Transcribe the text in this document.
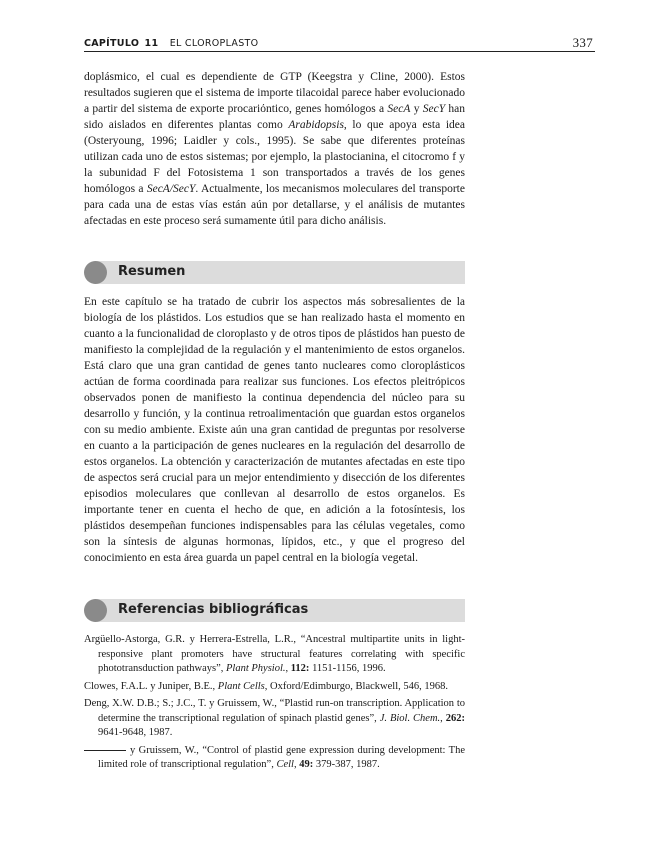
CAPÍTULO 11 EL CLOROPLASTO	337

doplásmico, el cual es dependiente de GTP (Keegstra y Cline, 2000). Estos resultados sugieren que el sistema de importe tilacoidal parece haber evolucionado a partir del sistema de exporte procariόntico, genes homólogos a SecA y SecY han sido aislados en diferentes plantas como Arabidopsis, lo que apoya esta idea (Osteryoung, 1996; Laidler y cols., 1995). Se sabe que diferentes proteínas utilizan cada uno de estos sistemas; por ejemplo, la plastocianina, el citocromo f y la subunidad F del Fotosistema 1 son transportados a través de los genes homólogos a SecA/SecY. Actualmente, los mecanismos moleculares del transporte para cada una de estas vías están aún por detallarse, y el análisis de mutantes afectadas en este proceso será sumamente útil para dicho análisis.

Resumen

En este capítulo se ha tratado de cubrir los aspectos más sobresalientes de la biología de los plástidos. Los estudios que se han realizado hasta el momento en cuanto a la funcionalidad de cloroplasto y de otros tipos de plástidos han puesto de manifiesto la complejidad de la regulación y el mantenimiento de estos organelos. Está claro que una gran cantidad de genes tanto nucleares como cloroplásticos actúan de forma coordinada para realizar sus funciones. Los efectos pleitrópicos observados ponen de manifiesto la continua dependencia del núcleo para su desarrollo y función, y la continua retroalimentación que guardan estos organelos con su medio ambiente. Existe aún una gran cantidad de preguntas por resolverse en cuanto a la participación de genes nucleares en la regulación del desarrollo de estos organelos. La obtención y caracterización de mutantes afectadas en este tipo de aspectos será crucial para un mejor entendimiento y disección de los diferentes episodios moleculares que conllevan al desarrollo de estos organelos. Es importante tener en cuenta el hecho de que, en adición a la fotosíntesis, los plástidos desempeñan funciones indispensables para las células vegetales, como son la síntesis de algunas hormonas, lípidos, etc., y que el progreso del conocimiento en esta área guarda un papel central en la biología vegetal.

Referencias bibliográficas

Argüello-Astorga, G.R. y Herrera-Estrella, L.R., “Ancestral multipartite units in light-responsive plant promoters have structural features correlating with specific phototransduction pathways”, Plant Physiol., 112: 1151-1156, 1996.

Clowes, F.A.L. y Juniper, B.E., Plant Cells, Oxford/Edimburgo, Blackwell, 546, 1968.

Deng, X.W. D.B.; S.; J.C., T. y Gruissem, W., “Plastid run-on transcription. Application to determine the transcriptional regulation of spinach plastid genes”, J. Biol. Chem., 262: 9641-9648, 1987.

y Gruissem, W., “Control of plastid gene expression during development: The limited role of transcriptional regulation”, Cell, 49: 379-387, 1987.
